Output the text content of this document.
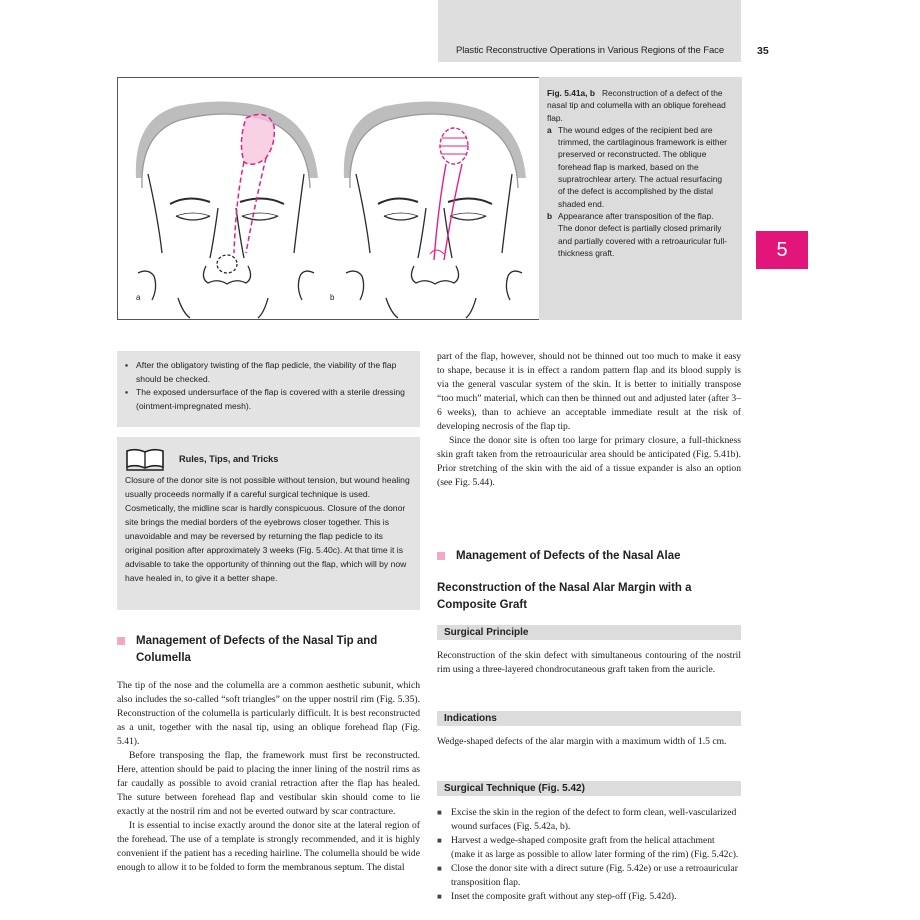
Plastic Reconstructive Operations in Various Regions of the Face	35
5
a	b
Fig. 5.41a, b Reconstruction of a defect of the nasal tip and columella with an oblique forehead flap.
a The wound edges of the recipient bed are trimmed, the cartilaginous framework is either preserved or reconstructed. The oblique forehead flap is marked, based on the supratrochlear artery. The actual resurfacing of the defect is accomplished by the distal shaded end.
b Appearance after transposition of the flap. The donor defect is partially closed primarily and partially covered with a retroauricular full-thickness graft.
▪ After the obligatory twisting of the flap pedicle, the viability of the flap should be checked.
▪ The exposed undersurface of the flap is covered with a sterile dressing (ointment-impregnated mesh).
Rules, Tips, and Tricks
Closure of the donor site is not possible without tension, but wound healing usually proceeds normally if a careful surgical technique is used. Cosmetically, the midline scar is hardly conspicuous. Closure of the donor site brings the medial borders of the eyebrows closer together. This is unavoidable and may be reversed by returning the flap pedicle to its original position after approximately 3 weeks (Fig. 5.40c). At that time it is advisable to take the opportunity of thinning out the flap, which will by now have healed in, to give it a better shape.
Management of Defects of the Nasal Tip and Columella

The tip of the nose and the columella are a common aesthetic subunit, which also includes the so-called “soft triangles” on the upper nostril rim (Fig. 5.35). Reconstruction of the columella is particularly difficult. It is best reconstructed as a unit, together with the nasal tip, using an oblique forehead flap (Fig. 5.41).

Before transposing the flap, the framework must first be reconstructed. Here, attention should be paid to placing the inner lining of the nostril rims as far caudally as possible to avoid cranial retraction after the flap has healed. The suture between forehead flap and vestibular skin should come to lie exactly at the nostril rim and not be everted outward by scar contracture.

It is essential to incise exactly around the donor site at the lateral region of the forehead. The use of a template is strongly recommended, and it is highly convenient if the patient has a receding hairline. The columella should be wide enough to allow it to be folded to form the membranous septum. The distal

part of the flap, however, should not be thinned out too much to make it easy to shape, because it is in effect a random pattern flap and its blood supply is via the general vascular system of the skin. It is better to initially transpose “too much” material, which can then be thinned out and adjusted later (after 3–6 weeks), than to achieve an acceptable immediate result at the risk of developing necrosis of the flap tip.

Since the donor site is often too large for primary closure, a full-thickness skin graft taken from the retroauricular area should be anticipated (Fig. 5.41b). Prior stretching of the skin with the aid of a tissue expander is also an option (see Fig. 5.44).

Management of Defects of the Nasal Alae
Reconstruction of the Nasal Alar Margin with a Composite Graft
Surgical Principle
Reconstruction of the skin defect with simultaneous contouring of the nostril rim using a three-layered chondrocutaneous graft taken from the auricle.
Indications
Wedge-shaped defects of the alar margin with a maximum width of 1.5 cm.
Surgical Technique (Fig. 5.42)
■ Excise the skin in the region of the defect to form clean, well-vascularized wound surfaces (Fig. 5.42a, b).
■ Harvest a wedge-shaped composite graft from the helical attachment (make it as large as possible to allow later forming of the rim) (Fig. 5.42c).
■ Close the donor site with a direct suture (Fig. 5.42e) or use a retroauricular transposition flap.
■ Inset the composite graft without any step-off (Fig. 5.42d).
